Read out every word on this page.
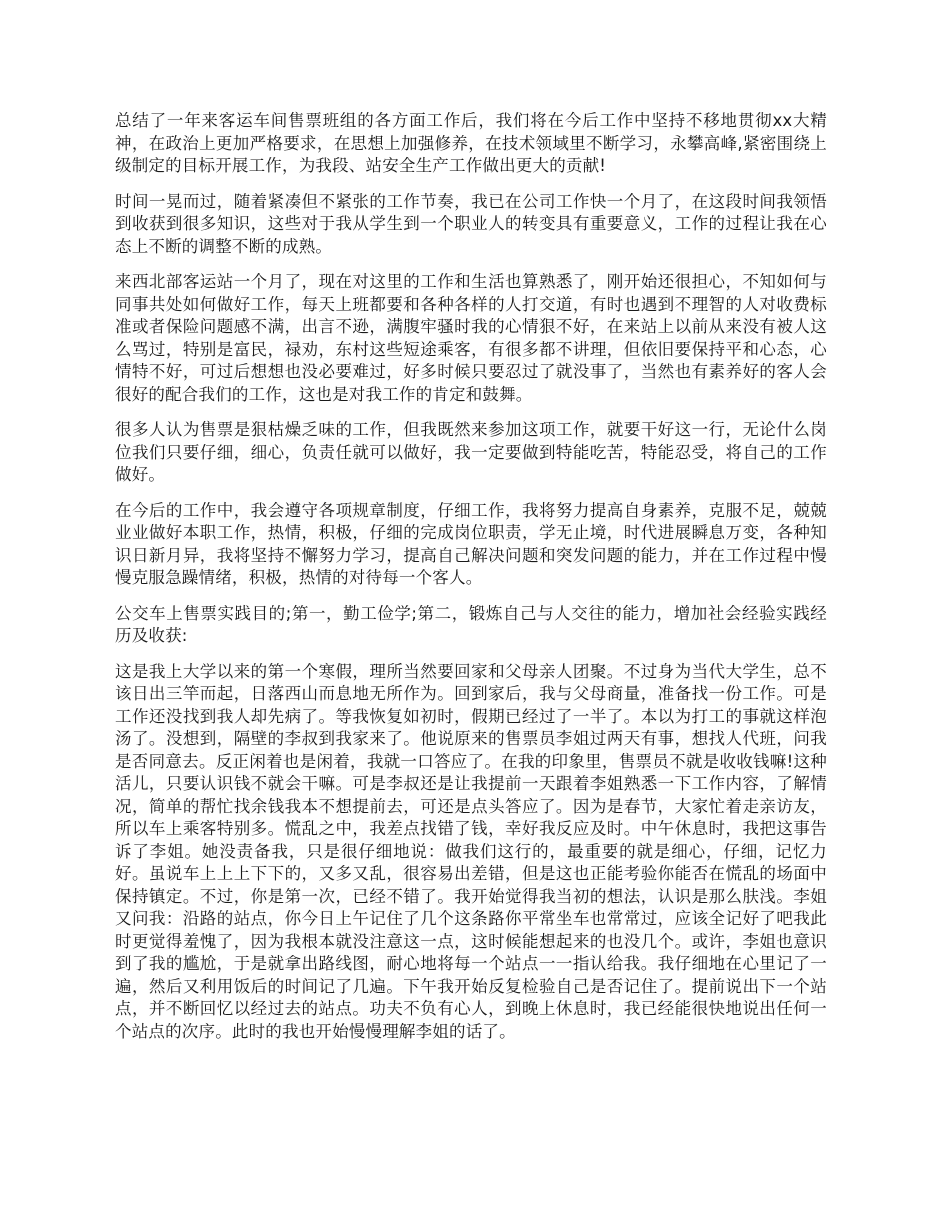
总结了一年来客运车间售票班组的各方面工作后，我们将在今后工作中坚持不移地贯彻xx大精神，在政治上更加严格要求，在思想上加强修养，在技术领域里不断学习，永攀高峰,紧密围绕上级制定的目标开展工作，为我段、站安全生产工作做出更大的贡献!

时间一晃而过，随着紧凑但不紧张的工作节奏，我已在公司工作快一个月了，在这段时间我领悟到收获到很多知识，这些对于我从学生到一个职业人的转变具有重要意义，工作的过程让我在心态上不断的调整不断的成熟。

来西北部客运站一个月了，现在对这里的工作和生活也算熟悉了，刚开始还很担心，不知如何与同事共处如何做好工作，每天上班都要和各种各样的人打交道，有时也遇到不理智的人对收费标准或者保险问题感不满，出言不逊，满腹牢骚时我的心情狠不好，在来站上以前从来没有被人这么骂过，特别是富民，禄劝，东村这些短途乘客，有很多都不讲理，但依旧要保持平和心态，心情特不好，可过后想想也没必要难过，好多时候只要忍过了就没事了，当然也有素养好的客人会很好的配合我们的工作，这也是对我工作的肯定和鼓舞。

很多人认为售票是狠枯燥乏味的工作，但我既然来参加这项工作，就要干好这一行，无论什么岗位我们只要仔细，细心，负责任就可以做好，我一定要做到特能吃苦，特能忍受，将自己的工作做好。

在今后的工作中，我会遵守各项规章制度，仔细工作，我将努力提高自身素养，克服不足，兢兢业业做好本职工作，热情，积极，仔细的完成岗位职责，学无止境，时代进展瞬息万变，各种知识日新月异，我将坚持不懈努力学习，提高自己解决问题和突发问题的能力，并在工作过程中慢慢克服急躁情绪，积极，热情的对待每一个客人。

公交车上售票实践目的;第一，勤工俭学;第二，锻炼自己与人交往的能力，增加社会经验实践经历及收获:

这是我上大学以来的第一个寒假，理所当然要回家和父母亲人团聚。不过身为当代大学生，总不该日出三竿而起，日落西山而息地无所作为。回到家后，我与父母商量，准备找一份工作。可是工作还没找到我人却先病了。等我恢复如初时，假期已经过了一半了。本以为打工的事就这样泡汤了。没想到，隔壁的李叔到我家来了。他说原来的售票员李姐过两天有事，想找人代班，问我是否同意去。反正闲着也是闲着，我就一口答应了。在我的印象里，售票员不就是收收钱嘛!这种活儿，只要认识钱不就会干嘛。可是李叔还是让我提前一天跟着李姐熟悉一下工作内容，了解情况，简单的帮忙找余钱我本不想提前去，可还是点头答应了。因为是春节，大家忙着走亲访友，所以车上乘客特别多。慌乱之中，我差点找错了钱，幸好我反应及时。中午休息时，我把这事告诉了李姐。她没责备我，只是很仔细地说：做我们这行的，最重要的就是细心，仔细，记忆力好。虽说车上上上下下的，又多又乱，很容易出差错，但是这也正能考验你能否在慌乱的场面中保持镇定。不过，你是第一次，已经不错了。我开始觉得我当初的想法，认识是那么肤浅。李姐又问我：沿路的站点，你今日上午记住了几个这条路你平常坐车也常常过，应该全记好了吧我此时更觉得羞愧了，因为我根本就没注意这一点，这时候能想起来的也没几个。或许，李姐也意识到了我的尴尬，于是就拿出路线图，耐心地将每一个站点一一指认给我。我仔细地在心里记了一遍，然后又利用饭后的时间记了几遍。下午我开始反复检验自己是否记住了。提前说出下一个站点，并不断回忆以经过去的站点。功夫不负有心人，到晚上休息时，我已经能很快地说出任何一个站点的次序。此时的我也开始慢慢理解李姐的话了。
